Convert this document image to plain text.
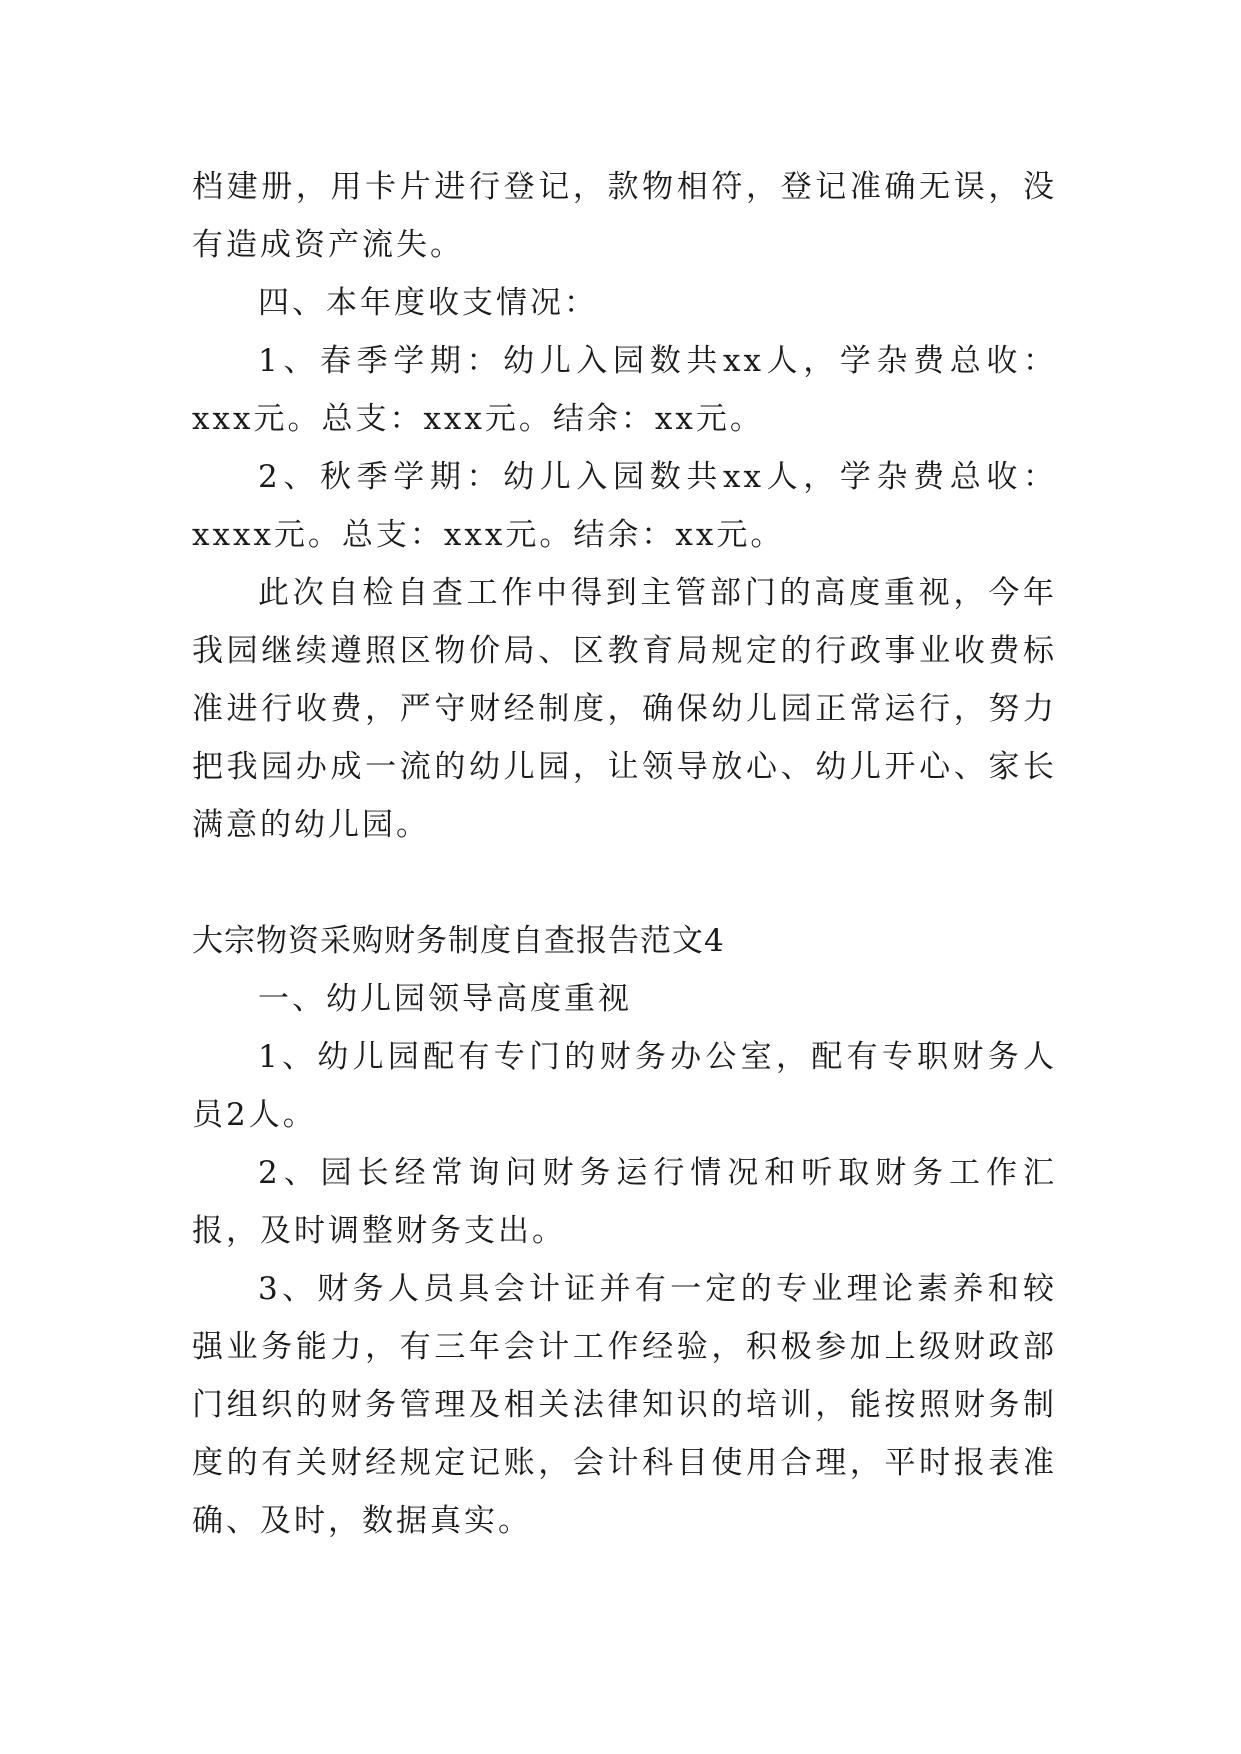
档建册，用卡片进行登记，款物相符，登记准确无误，没有造成资产流失。

四、本年度收支情况：

1、春季学期：幼儿入园数共xx人，学杂费总收：xxx元。总支：xxx元。结余：xx元。

2、秋季学期：幼儿入园数共xx人，学杂费总收：xxxx元。总支：xxx元。结余：xx元。

此次自检自查工作中得到主管部门的高度重视，今年我园继续遵照区物价局、区教育局规定的行政事业收费标准进行收费，严守财经制度，确保幼儿园正常运行，努力把我园办成一流的幼儿园，让领导放心、幼儿开心、家长满意的幼儿园。

大宗物资采购财务制度自查报告范文4

一、幼儿园领导高度重视

1、幼儿园配有专门的财务办公室，配有专职财务人员2人。

2、园长经常询问财务运行情况和听取财务工作汇报，及时调整财务支出。

3、财务人员具会计证并有一定的专业理论素养和较强业务能力，有三年会计工作经验，积极参加上级财政部门组织的财务管理及相关法律知识的培训，能按照财务制度的有关财经规定记账，会计科目使用合理，平时报表准确、及时，数据真实。
